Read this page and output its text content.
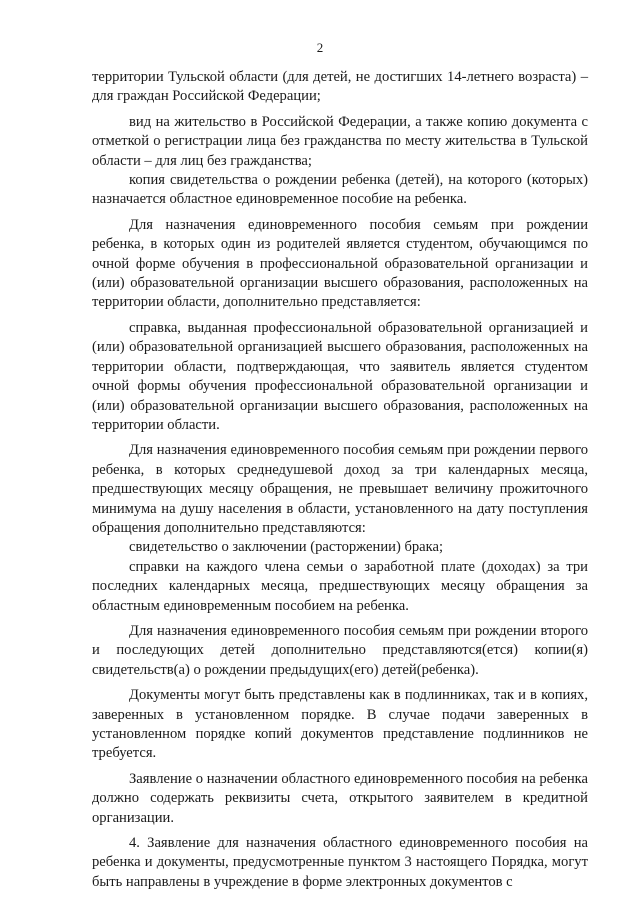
2

территории Тульской области (для детей, не достигших 14-летнего возраста) – для граждан Российской Федерации;

вид на жительство в Российской Федерации, а также копию документа с отметкой о регистрации лица без гражданства по месту жительства в Тульской области – для лиц без гражданства;

копия свидетельства о рождении ребенка (детей), на которого (которых) назначается областное единовременное пособие на ребенка.

Для назначения единовременного пособия семьям при рождении ребенка, в которых один из родителей является студентом, обучающимся по очной форме обучения в профессиональной образовательной организации и (или) образовательной организации высшего образования, расположенных на территории области, дополнительно представляется:

справка, выданная профессиональной образовательной организацией и (или) образовательной организацией высшего образования, расположенных на территории области, подтверждающая, что заявитель является студентом очной формы обучения профессиональной образовательной организации и (или) образовательной организации высшего образования, расположенных на территории области.

Для назначения единовременного пособия семьям при рождении первого ребенка, в которых среднедушевой доход за три календарных месяца, предшествующих месяцу обращения, не превышает величину прожиточного минимума на душу населения в области, установленного на дату поступления обращения дополнительно представляются:

свидетельство о заключении (расторжении) брака;

справки на каждого члена семьи о заработной плате (доходах) за три последних календарных месяца, предшествующих месяцу обращения за областным единовременным пособием на ребенка.

Для назначения единовременного пособия семьям при рождении второго и последующих детей дополнительно представляются(ется) копии(я) свидетельств(а) о рождении предыдущих(его) детей(ребенка).

Документы могут быть представлены как в подлинниках, так и в копиях, заверенных в установленном порядке. В случае подачи заверенных в установленном порядке копий документов представление подлинников не требуется.

Заявление о назначении областного единовременного пособия на ребенка должно содержать реквизиты счета, открытого заявителем в кредитной организации.

4. Заявление для назначения областного единовременного пособия на ребенка и документы, предусмотренные пунктом 3 настоящего Порядка, могут быть направлены в учреждение в форме электронных документов с
